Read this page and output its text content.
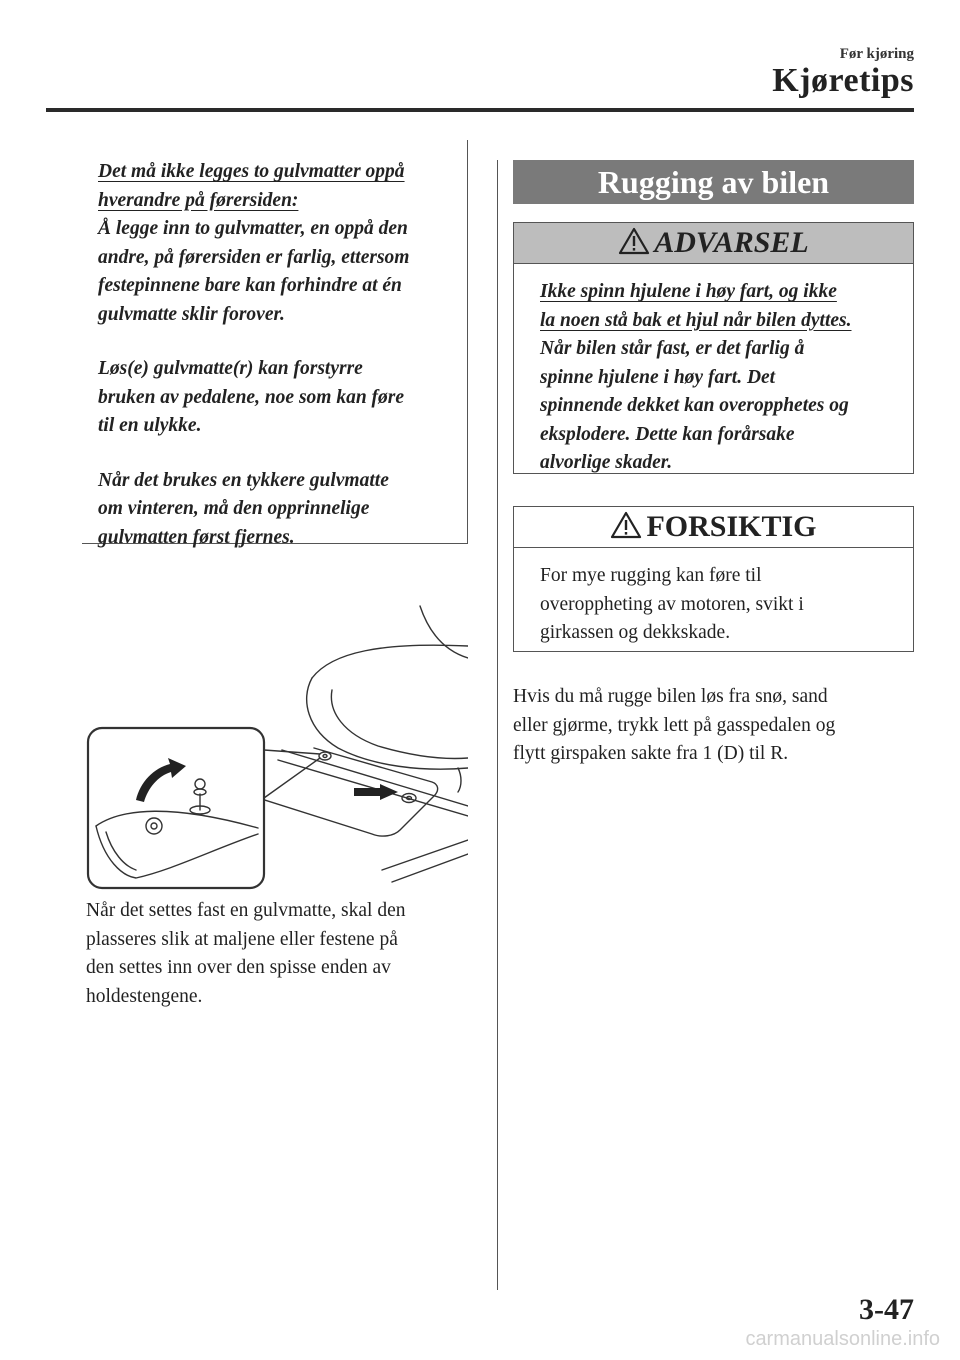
Før kjøring
Kjøretips

Det må ikke legges to gulvmatter oppå
hverandre på førersiden:
Å legge inn to gulvmatter, en oppå den
andre, på førersiden er farlig, ettersom
festepinnene bare kan forhindre at én
gulvmatte sklir forover.

Løs(e) gulvmatte(r) kan forstyrre
bruken av pedalene, noe som kan føre
til en ulykke.

Når det brukes en tykkere gulvmatte
om vinteren, må den opprinnelige
gulvmatten først fjernes.

Når det settes fast en gulvmatte, skal den
plasseres slik at maljene eller festene på
den settes inn over den spisse enden av
holdestengene.
Rugging av bilen
ADVARSEL
Ikke spinn hjulene i høy fart, og ikke
la noen stå bak et hjul når bilen dyttes.
Når bilen står fast, er det farlig å
spinne hjulene i høy fart. Det
spinnende dekket kan overopphetes og
eksplodere. Dette kan forårsake
alvorlige skader.
FORSIKTIG
For mye rugging kan føre til
overoppheting av motoren, svikt i
girkassen og dekkskade.
Hvis du må rugge bilen løs fra snø, sand
eller gjørme, trykk lett på gasspedalen og
flytt girspaken sakte fra 1 (D) til R.
3-47
carmanualsonline.info
